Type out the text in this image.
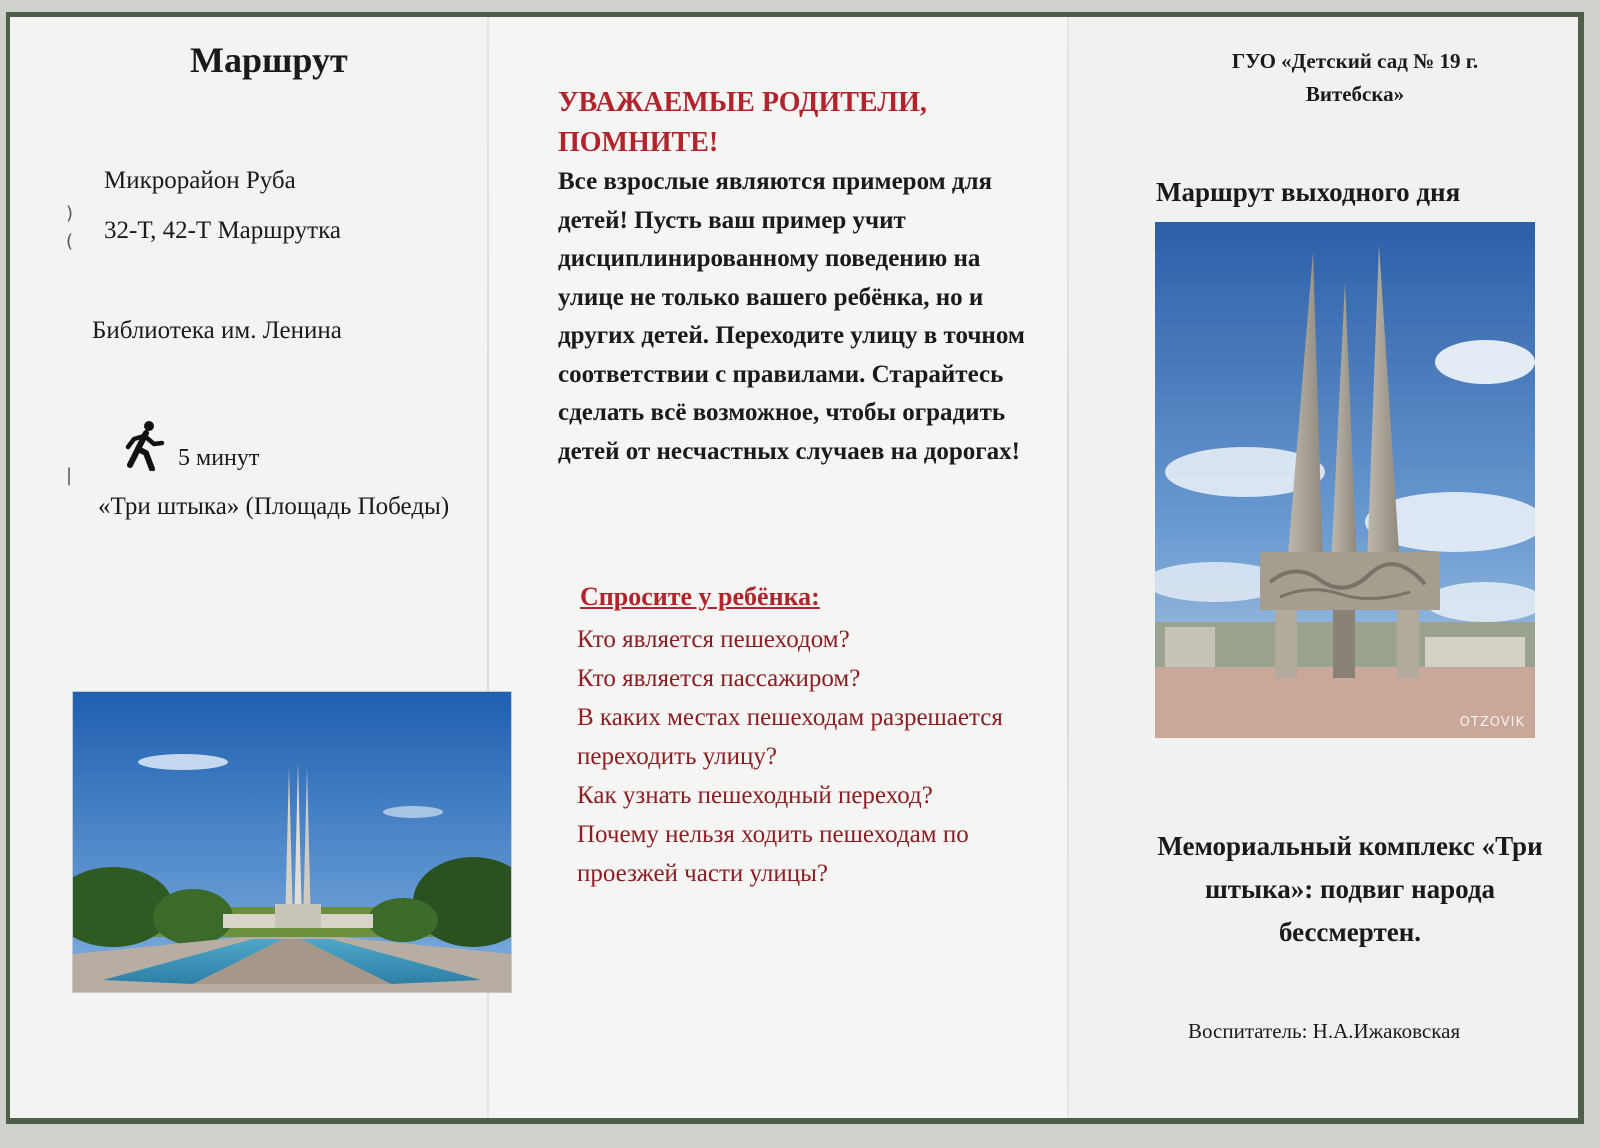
Маршрут
Микрорайон Руба
)
( 32-Т, 42-Т Маршрутка
Библиотека им. Ленина
5 минут
|
«Три штыка» (Площадь Победы)
УВАЖАЕМЫЕ РОДИТЕЛИ, ПОМНИТЕ!
Все взрослые являются примером для детей! Пусть ваш пример учит дисциплинированному поведению на улице не только вашего ребёнка, но и других детей. Переходите улицу в точном соответствии с правилами. Старайтесь сделать всё возможное, чтобы оградить детей от несчастных случаев на дорогах!
Спросите у ребёнка:
Кто является пешеходом?
Кто является пассажиром?
В каких местах пешеходам разрешается переходить улицу?
Как узнать пешеходный переход?
Почему нельзя ходить пешеходам по проезжей части улицы?
ГУО «Детский сад № 19 г. Витебска»
Маршрут выходного дня
OTZOVIK
Мемориальный комплекс «Три штыка»: подвиг народа бессмертен.
Воспитатель: Н.А.Ижаковская
